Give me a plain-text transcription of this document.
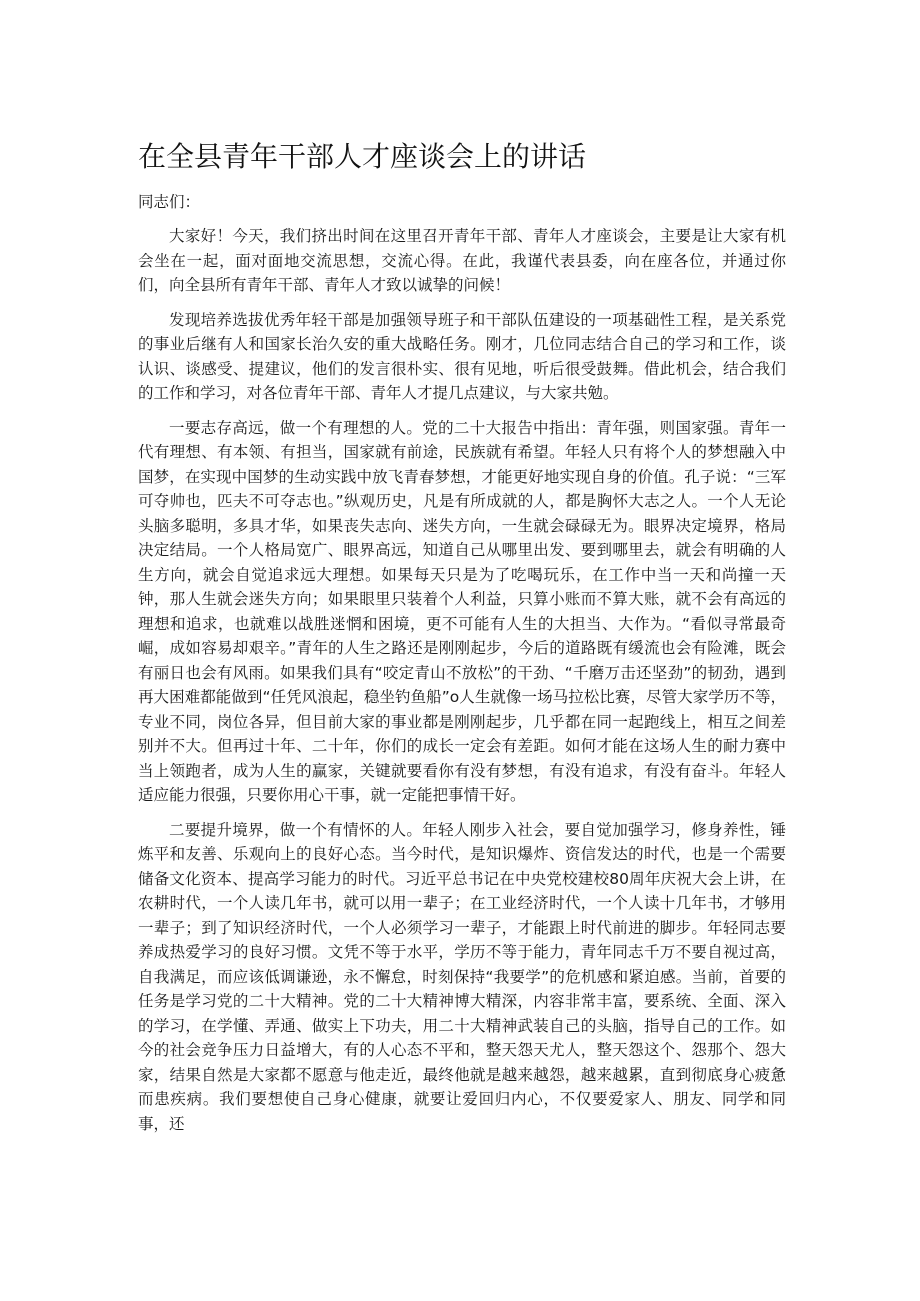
在全县青年干部人才座谈会上的讲话

同志们：

大家好！今天，我们挤出时间在这里召开青年干部、青年人才座谈会，主要是让大家有机会坐在一起，面对面地交流思想，交流心得。在此，我谨代表县委，向在座各位，并通过你们，向全县所有青年干部、青年人才致以诚挚的问候！

发现培养选拔优秀年轻干部是加强领导班子和干部队伍建设的一项基础性工程，是关系党的事业后继有人和国家长治久安的重大战略任务。刚才，几位同志结合自己的学习和工作，谈认识、谈感受、提建议，他们的发言很朴实、很有见地，听后很受鼓舞。借此机会，结合我们的工作和学习，对各位青年干部、青年人才提几点建议，与大家共勉。

一要志存高远，做一个有理想的人。党的二十大报告中指出：青年强，则国家强。青年一代有理想、有本领、有担当，国家就有前途，民族就有希望。年轻人只有将个人的梦想融入中国梦，在实现中国梦的生动实践中放飞青春梦想，才能更好地实现自身的价值。孔子说：“三军可夺帅也，匹夫不可夺志也。”纵观历史，凡是有所成就的人，都是胸怀大志之人。一个人无论头脑多聪明，多具才华，如果丧失志向、迷失方向，一生就会碌碌无为。眼界决定境界，格局决定结局。一个人格局宽广、眼界高远，知道自己从哪里出发、要到哪里去，就会有明确的人生方向，就会自觉追求远大理想。如果每天只是为了吃喝玩乐，在工作中当一天和尚撞一天钟，那人生就会迷失方向；如果眼里只装着个人利益，只算小账而不算大账，就不会有高远的理想和追求，也就难以战胜迷惘和困境，更不可能有人生的大担当、大作为。“看似寻常最奇崛，成如容易却艰辛。”青年的人生之路还是刚刚起步，今后的道路既有缓流也会有险滩，既会有丽日也会有风雨。如果我们具有“咬定青山不放松”的干劲、“千磨万击还坚劲”的韧劲，遇到再大困难都能做到“任凭风浪起，稳坐钓鱼船”o人生就像一场马拉松比赛，尽管大家学历不等，专业不同，岗位各异，但目前大家的事业都是刚刚起步，几乎都在同一起跑线上，相互之间差别并不大。但再过十年、二十年，你们的成长一定会有差距。如何才能在这场人生的耐力赛中当上领跑者，成为人生的赢家，关键就要看你有没有梦想，有没有追求，有没有奋斗。年轻人适应能力很强，只要你用心干事，就一定能把事情干好。

二要提升境界，做一个有情怀的人。年轻人刚步入社会，要自觉加强学习，修身养性，锤炼平和友善、乐观向上的良好心态。当今时代，是知识爆炸、资信发达的时代，也是一个需要储备文化资本、提高学习能力的时代。习近平总书记在中央党校建校80周年庆祝大会上讲，在农耕时代，一个人读几年书，就可以用一辈子；在工业经济时代，一个人读十几年书，才够用一辈子；到了知识经济时代，一个人必须学习一辈子，才能跟上时代前进的脚步。年轻同志要养成热爱学习的良好习惯。文凭不等于水平，学历不等于能力，青年同志千万不要自视过高，自我满足，而应该低调谦逊，永不懈怠，时刻保持“我要学”的危机感和紧迫感。当前，首要的任务是学习党的二十大精神。党的二十大精神博大精深，内容非常丰富，要系统、全面、深入的学习，在学懂、弄通、做实上下功夫，用二十大精神武装自己的头脑，指导自己的工作。如今的社会竞争压力日益增大，有的人心态不平和，整天怨天尤人，整天怨这个、怨那个、怨大家，结果自然是大家都不愿意与他走近，最终他就是越来越怨，越来越累，直到彻底身心疲惫而患疾病。我们要想使自己身心健康，就要让爱回归内心，不仅要爱家人、朋友、同学和同事，还
